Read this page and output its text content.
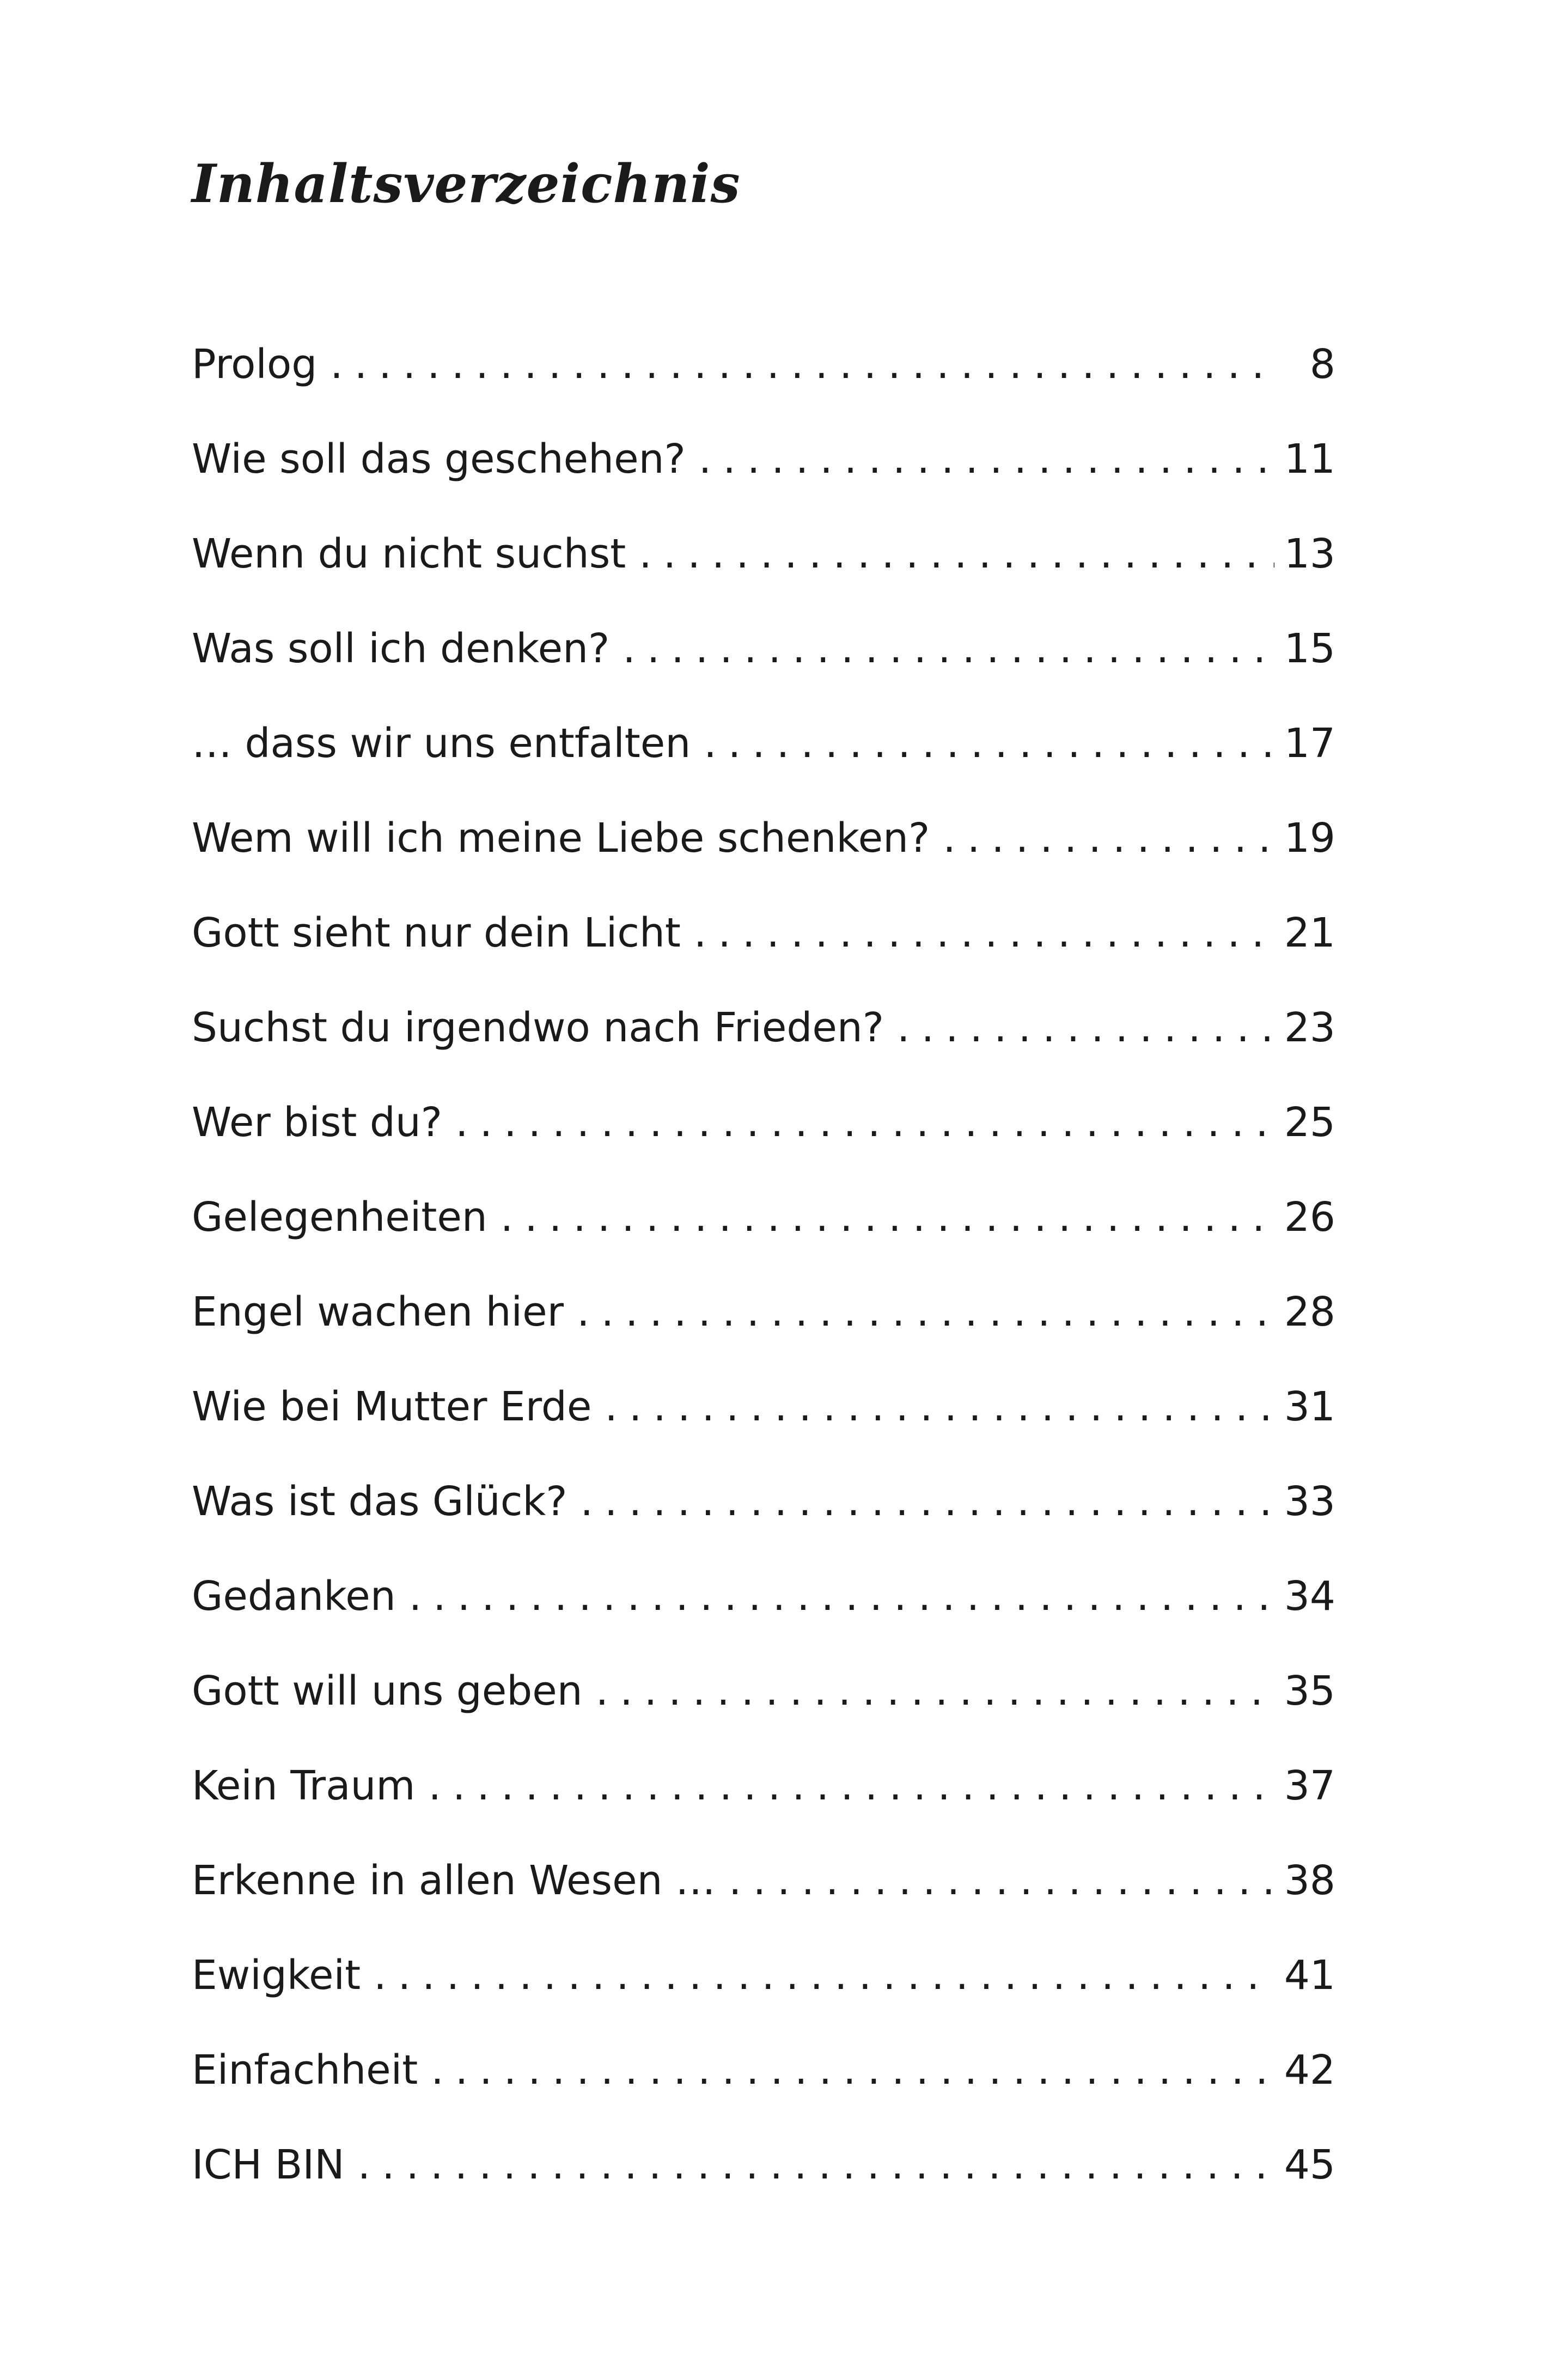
Inhaltsverzeichnis
Prolog .....	8
Wie soll das geschehen? .....	11
Wenn du nicht suchst .....	13
Was soll ich denken? .....	15
… dass wir uns entfalten .....	17
Wem will ich meine Liebe schenken? .....	19
Gott sieht nur dein Licht .....	21
Suchst du irgendwo nach Frieden? .....	23
Wer bist du? .....	25
Gelegenheiten .....	26
Engel wachen hier .....	28
Wie bei Mutter Erde .....	31
Was ist das Glück? .....	33
Gedanken .....	34
Gott will uns geben .....	35
Kein Traum .....	37
Erkenne in allen Wesen … .....	38
Ewigkeit .....	41
Einfachheit .....	42
ICH BIN .....	45
